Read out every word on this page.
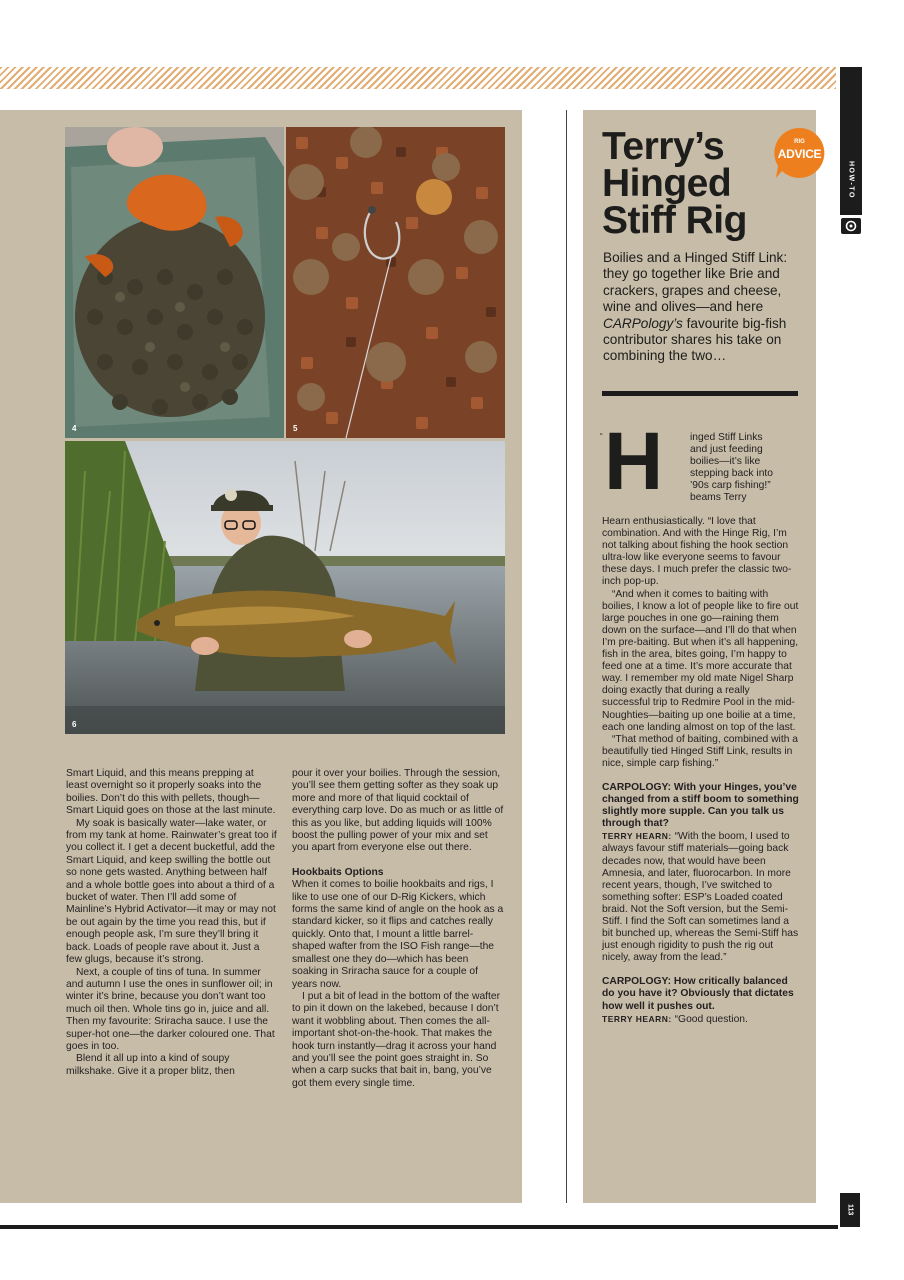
HOW-TO
113
4	5
6

Smart Liquid, and this means prepping at least overnight so it properly soaks into the boilies. Don’t do this with pellets, though—Smart Liquid goes on those at the last minute.

My soak is basically water—lake water, or from my tank at home. Rainwater’s great too if you collect it. I get a decent bucketful, add the Smart Liquid, and keep swilling the bottle out so none gets wasted. Anything between half and a whole bottle goes into about a third of a bucket of water. Then I’ll add some of Mainline’s Hybrid Activator—it may or may not be out again by the time you read this, but if enough people ask, I’m sure they’ll bring it back. Loads of people rave about it. Just a few glugs, because it’s strong.

Next, a couple of tins of tuna. In summer and autumn I use the ones in sunflower oil; in winter it’s brine, because you don’t want too much oil then. Whole tins go in, juice and all. Then my favourite: Sriracha sauce. I use the super-hot one—the darker coloured one. That goes in too.

Blend it all up into a kind of soupy milkshake. Give it a proper blitz, then

pour it over your boilies. Through the session, you’ll see them getting softer as they soak up more and more of that liquid cocktail of everything carp love. Do as much or as little of this as you like, but adding liquids will 100% boost the pulling power of your mix and set you apart from everyone else out there.

Hookbaits Options

When it comes to boilie hookbaits and rigs, I like to use one of our D-Rig Kickers, which forms the same kind of angle on the hook as a standard kicker, so it flips and catches really quickly. Onto that, I mount a little barrel-shaped wafter from the ISO Fish range—the smallest one they do—which has been soaking in Sriracha sauce for a couple of years now.

I put a bit of lead in the bottom of the wafter to pin it down on the lakebed, because I don’t want it wobbling about. Then comes the all-important shot-on-the-hook. That makes the hook turn instantly—drag it across your hand and you’ll see the point goes straight in. So when a carp sucks that bait in, bang, you’ve got them every single time.

Terry’s
Hinged
Stiff Rig
RIG
ADVICE
Boilies and a Hinged Stiff Link: they go together like Brie and crackers, grapes and cheese, wine and olives—and here CARPology’s favourite big-fish contributor shares his take on combining the two…
“ H	inged Stiff Links
and just feeding
boilies—it’s like
stepping back into
’90s carp fishing!”
beams Terry

Hearn enthusiastically. “I love that combination. And with the Hinge Rig, I’m not talking about fishing the hook section ultra-low like everyone seems to favour these days. I much prefer the classic two-inch pop-up.

“And when it comes to baiting with boilies, I know a lot of people like to fire out large pouches in one go—raining them down on the surface—and I’ll do that when I’m pre-baiting. But when it’s all happening, fish in the area, bites going, I’m happy to feed one at a time. It’s more accurate that way. I remember my old mate Nigel Sharp doing exactly that during a really successful trip to Redmire Pool in the mid-Noughties—baiting up one boilie at a time, each one landing almost on top of the last.

“That method of baiting, combined with a beautifully tied Hinged Stiff Link, results in nice, simple carp fishing.”

CARPOLOGY: With your Hinges, you’ve changed from a stiff boom to something slightly more supple. Can you talk us through that?

TERRY HEARN: “With the boom, I used to always favour stiff materials—going back decades now, that would have been Amnesia, and later, fluorocarbon. In more recent years, though, I’ve switched to something softer: ESP’s Loaded coated braid. Not the Soft version, but the Semi-Stiff. I find the Soft can sometimes land a bit bunched up, whereas the Semi-Stiff has just enough rigidity to push the rig out nicely, away from the lead.”

CARPOLOGY: How critically balanced do you have it? Obviously that dictates how well it pushes out.

TERRY HEARN: “Good question.
